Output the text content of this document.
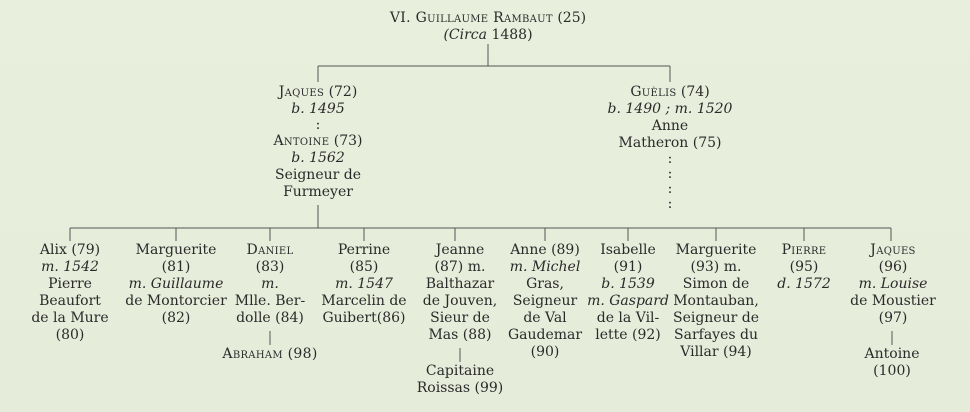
VI. Guillaume Rambaut (25)
(Circa 1488)
Jaques (72)
b. 1495
:
Antoine (73)
b. 1562
Seigneur de
Furmeyer
Guèlis (74)
b. 1490 ; m. 1520
Anne
Matheron (75)
:
:
:
:
Alix (79)
m. 1542
Pierre
Beaufort
de la Mure
(80)
Marguerite
(81)
m. Guillaume
de Montorcier
(82)
Daniel
(83)
m.
Mlle. Ber-
dolle (84)
Abraham (98)
Perrine
(85)
m. 1547
Marcelin de
Guibert(86)
Jeanne
(87) m.
Balthazar
de Jouven,
Sieur de
Mas (88)
Capitaine
Roissas (99)
Anne (89)
m. Michel
Gras,
Seigneur
de Val
Gaudemar
(90)
Isabelle
(91)
b. 1539
m. Gaspard
de la Vil-
lette (92)
Marguerite
(93) m.
Simon de
Montauban,
Seigneur de
Sarfayes du
Villar (94)
Pierre
(95)
d. 1572
Jaques
(96)
m. Louise
de Moustier
(97)
Antoine
(100)
